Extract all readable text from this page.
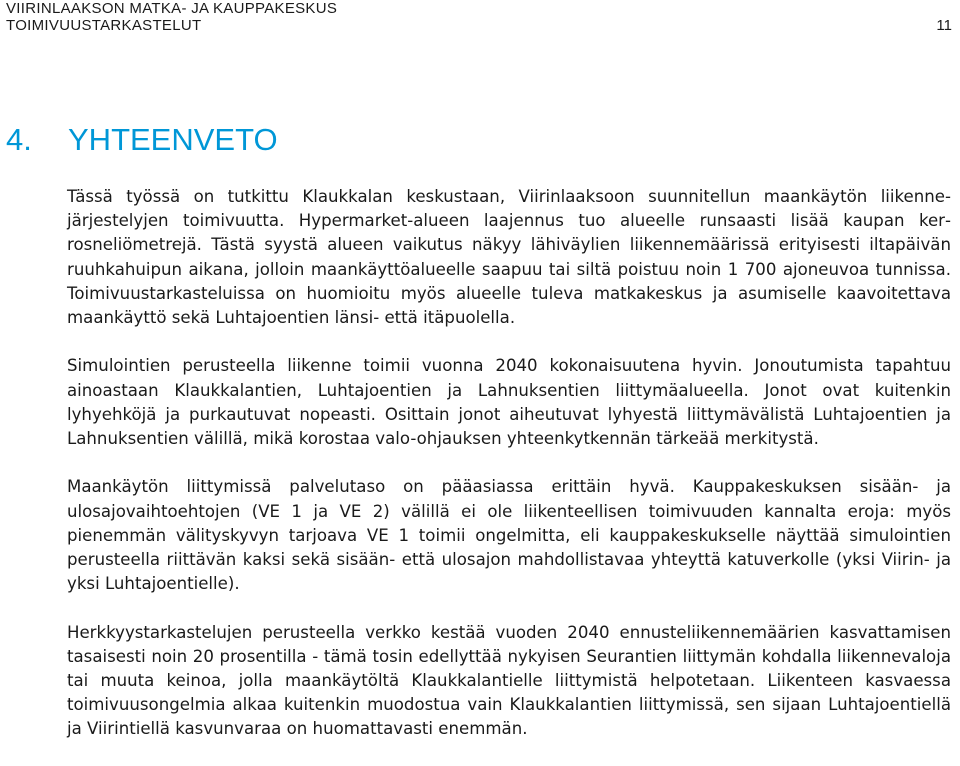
VIIRINLAAKSON MATKA- JA KAUPPAKESKUS
TOIMIVUUSTARKASTELUT	11
4. YHTEENVETO

Tässä työssä on tutkittu Klaukkalan keskustaan, Viirinlaaksoon suunnitellun maankäytön liikennejärjestelyjen toimivuutta. Hypermarket-alueen laajennus tuo alueelle runsaasti lisää kaupan kerrosneliömetrejä. Tästä syystä alueen vaikutus näkyy lähiväylien liikennemäärissä erityisesti iltapäivän ruuhkahuipun aikana, jolloin maankäyttöalueelle saapuu tai siltä poistuu noin 1 700 ajoneuvoa tunnissa. Toimivuustarkasteluissa on huomioitu myös alueelle tuleva matkakeskus ja asumiselle kaavoitettava maankäyttö sekä Luhtajoentien länsi- että itäpuolella.

Simulointien perusteella liikenne toimii vuonna 2040 kokonaisuutena hyvin. Jonoutumista tapahtuu ainoastaan Klaukkalantien, Luhtajoentien ja Lahnuksentien liittymäalueella. Jonot ovat kuitenkin lyhyehköjä ja purkautuvat nopeasti. Osittain jonot aiheutuvat lyhyestä liittymävälistä Luhtajoentien ja Lahnuksentien välillä, mikä korostaa valo-ohjauksen yhteenkytkennän tärkeää merkitystä.

Maankäytön liittymissä palvelutaso on pääasiassa erittäin hyvä. Kauppakeskuksen sisään- ja ulosajovaihtoehtojen (VE 1 ja VE 2) välillä ei ole liikenteellisen toimivuuden kannalta eroja: myös pienemmän välityskyvyn tarjoava VE 1 toimii ongelmitta, eli kauppakeskukselle näyttää simulointien perusteella riittävän kaksi sekä sisään- että ulosajon mahdollistavaa yhteyttä katuverkolle (yksi Viirin- ja yksi Luhtajoentielle).

Herkkyystarkastelujen perusteella verkko kestää vuoden 2040 ennusteliikennemäärien kasvattamisen tasaisesti noin 20 prosentilla - tämä tosin edellyttää nykyisen Seurantien liittymän kohdalla liikennevaloja tai muuta keinoa, jolla maankäytöltä Klaukkalantielle liittymistä helpotetaan. Liikenteen kasvaessa toimivuusongelmia alkaa kuitenkin muodostua vain Klaukkalantien liittymissä, sen sijaan Luhtajoentiellä ja Viirintiellä kasvunvaraa on huomattavasti enemmän.
